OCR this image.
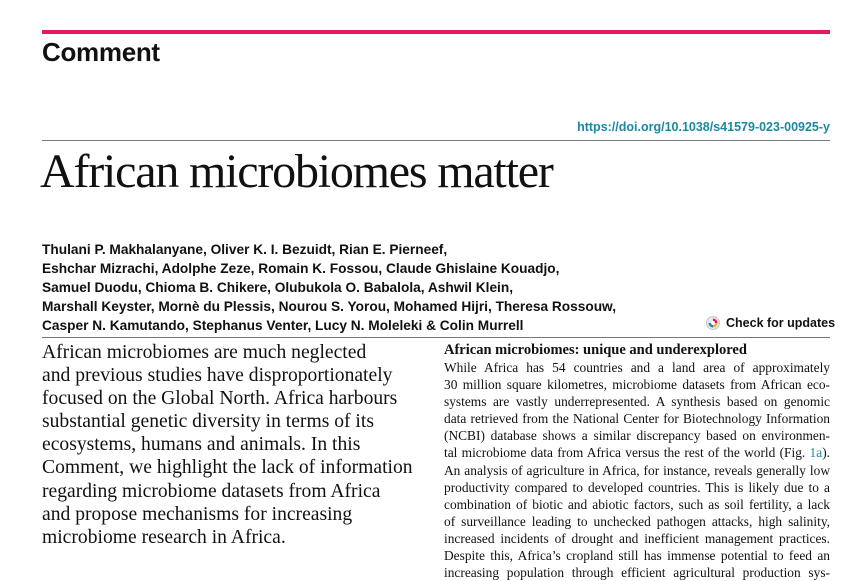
Comment
https://doi.org/10.1038/s41579-023-00925-y
African microbiomes matter
Thulani P. Makhalanyane, Oliver K. I. Bezuidt, Rian E. Pierneef,
Eshchar Mizrachi, Adolphe Zeze, Romain K. Fossou, Claude Ghislaine Kouadjo,
Samuel Duodu, Chioma B. Chikere, Olubukola O. Babalola, Ashwil Klein,
Marshall Keyster, Mornè du Plessis, Nourou S. Yorou, Mohamed Hijri, Theresa Rossouw,
Casper N. Kamutando, Stephanus Venter, Lucy N. Moleleki & Colin Murrell	Check for updates
African microbiomes are much neglected
and previous studies have disproportionately
focused on the Global North. Africa harbours
substantial genetic diversity in terms of its
ecosystems, humans and animals. In this
Comment, we highlight the lack of information
regarding microbiome datasets from Africa
and propose mechanisms for increasing
microbiome research in Africa.
African microbiomes: unique and underexplored
While Africa has 54 countries and a land area of approximately
30 million square kilometres, microbiome datasets from African eco-
systems are vastly underrepresented. A synthesis based on genomic
data retrieved from the National Center for Biotechnology Information
(NCBI) database shows a similar discrepancy based on environmen-
tal microbiome data from Africa versus the rest of the world (Fig. 1a).
An analysis of agriculture in Africa, for instance, reveals generally low
productivity compared to developed countries. This is likely due to a
combination of biotic and abiotic factors, such as soil fertility, a lack
of surveillance leading to unchecked pathogen attacks, high salinity,
increased incidents of drought and inefficient management practices.
Despite this, Africa’s cropland still has immense potential to feed an
increasing population through efficient agricultural production sys-
